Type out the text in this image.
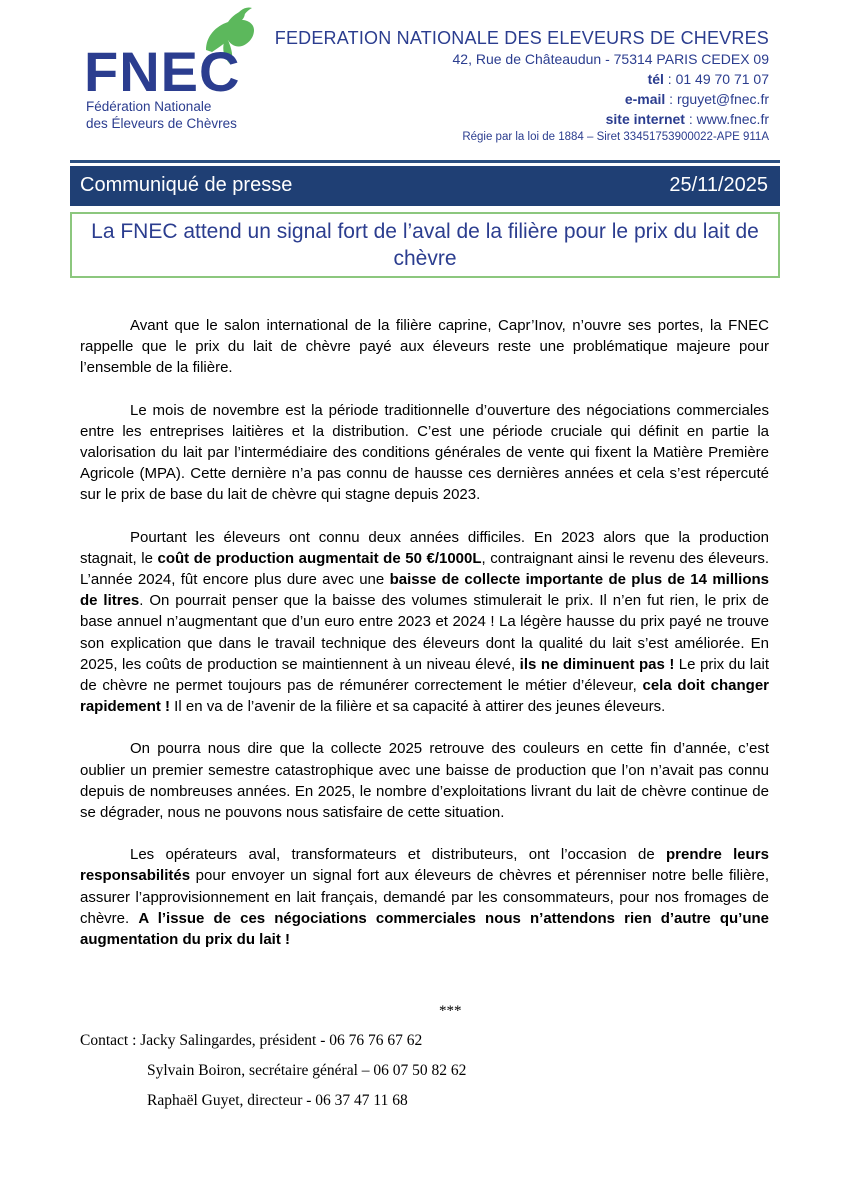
FNEC
Fédération Nationale
des Éleveurs de Chèvres
FEDERATION NATIONALE DES ELEVEURS DE CHEVRES
42, Rue de Châteaudun - 75314 PARIS CEDEX 09
tél : 01 49 70 71 07
e-mail : rguyet@fnec.fr
site internet : www.fnec.fr
Régie par la loi de 1884 – Siret 33451753900022-APE 911A
Communiqué de presse	25/11/2025
La FNEC attend un signal fort de l’aval de la filière pour le prix du lait de chèvre

Avant que le salon international de la filière caprine, Capr’Inov, n’ouvre ses portes, la FNEC rappelle que le prix du lait de chèvre payé aux éleveurs reste une problématique majeure pour l’ensemble de la filière.

Le mois de novembre est la période traditionnelle d’ouverture des négociations commerciales entre les entreprises laitières et la distribution. C’est une période cruciale qui définit en partie la valorisation du lait par l’intermédiaire des conditions générales de vente qui fixent la Matière Première Agricole (MPA). Cette dernière n’a pas connu de hausse ces dernières années et cela s’est répercuté sur le prix de base du lait de chèvre qui stagne depuis 2023.

Pourtant les éleveurs ont connu deux années difficiles. En 2023 alors que la production stagnait, le coût de production augmentait de 50 €/1000L, contraignant ainsi le revenu des éleveurs. L’année 2024, fût encore plus dure avec une baisse de collecte importante de plus de 14 millions de litres. On pourrait penser que la baisse des volumes stimulerait le prix. Il n’en fut rien, le prix de base annuel n’augmentant que d’un euro entre 2023 et 2024 ! La légère hausse du prix payé ne trouve son explication que dans le travail technique des éleveurs dont la qualité du lait s’est améliorée. En 2025, les coûts de production se maintiennent à un niveau élevé, ils ne diminuent pas ! Le prix du lait de chèvre ne permet toujours pas de rémunérer correctement le métier d’éleveur, cela doit changer rapidement ! Il en va de l’avenir de la filière et sa capacité à attirer des jeunes éleveurs.

On pourra nous dire que la collecte 2025 retrouve des couleurs en cette fin d’année, c’est oublier un premier semestre catastrophique avec une baisse de production que l’on n’avait pas connu depuis de nombreuses années. En 2025, le nombre d’exploitations livrant du lait de chèvre continue de se dégrader, nous ne pouvons nous satisfaire de cette situation.

Les opérateurs aval, transformateurs et distributeurs, ont l’occasion de prendre leurs responsabilités pour envoyer un signal fort aux éleveurs de chèvres et pérenniser notre belle filière, assurer l’approvisionnement en lait français, demandé par les consommateurs, pour nos fromages de chèvre. A l’issue de ces négociations commerciales nous n’attendons rien d’autre qu’une augmentation du prix du lait !

***
Contact : Jacky Salingardes, président - 06 76 76 67 62
Sylvain Boiron, secrétaire général – 06 07 50 82 62
Raphaël Guyet, directeur - 06 37 47 11 68
